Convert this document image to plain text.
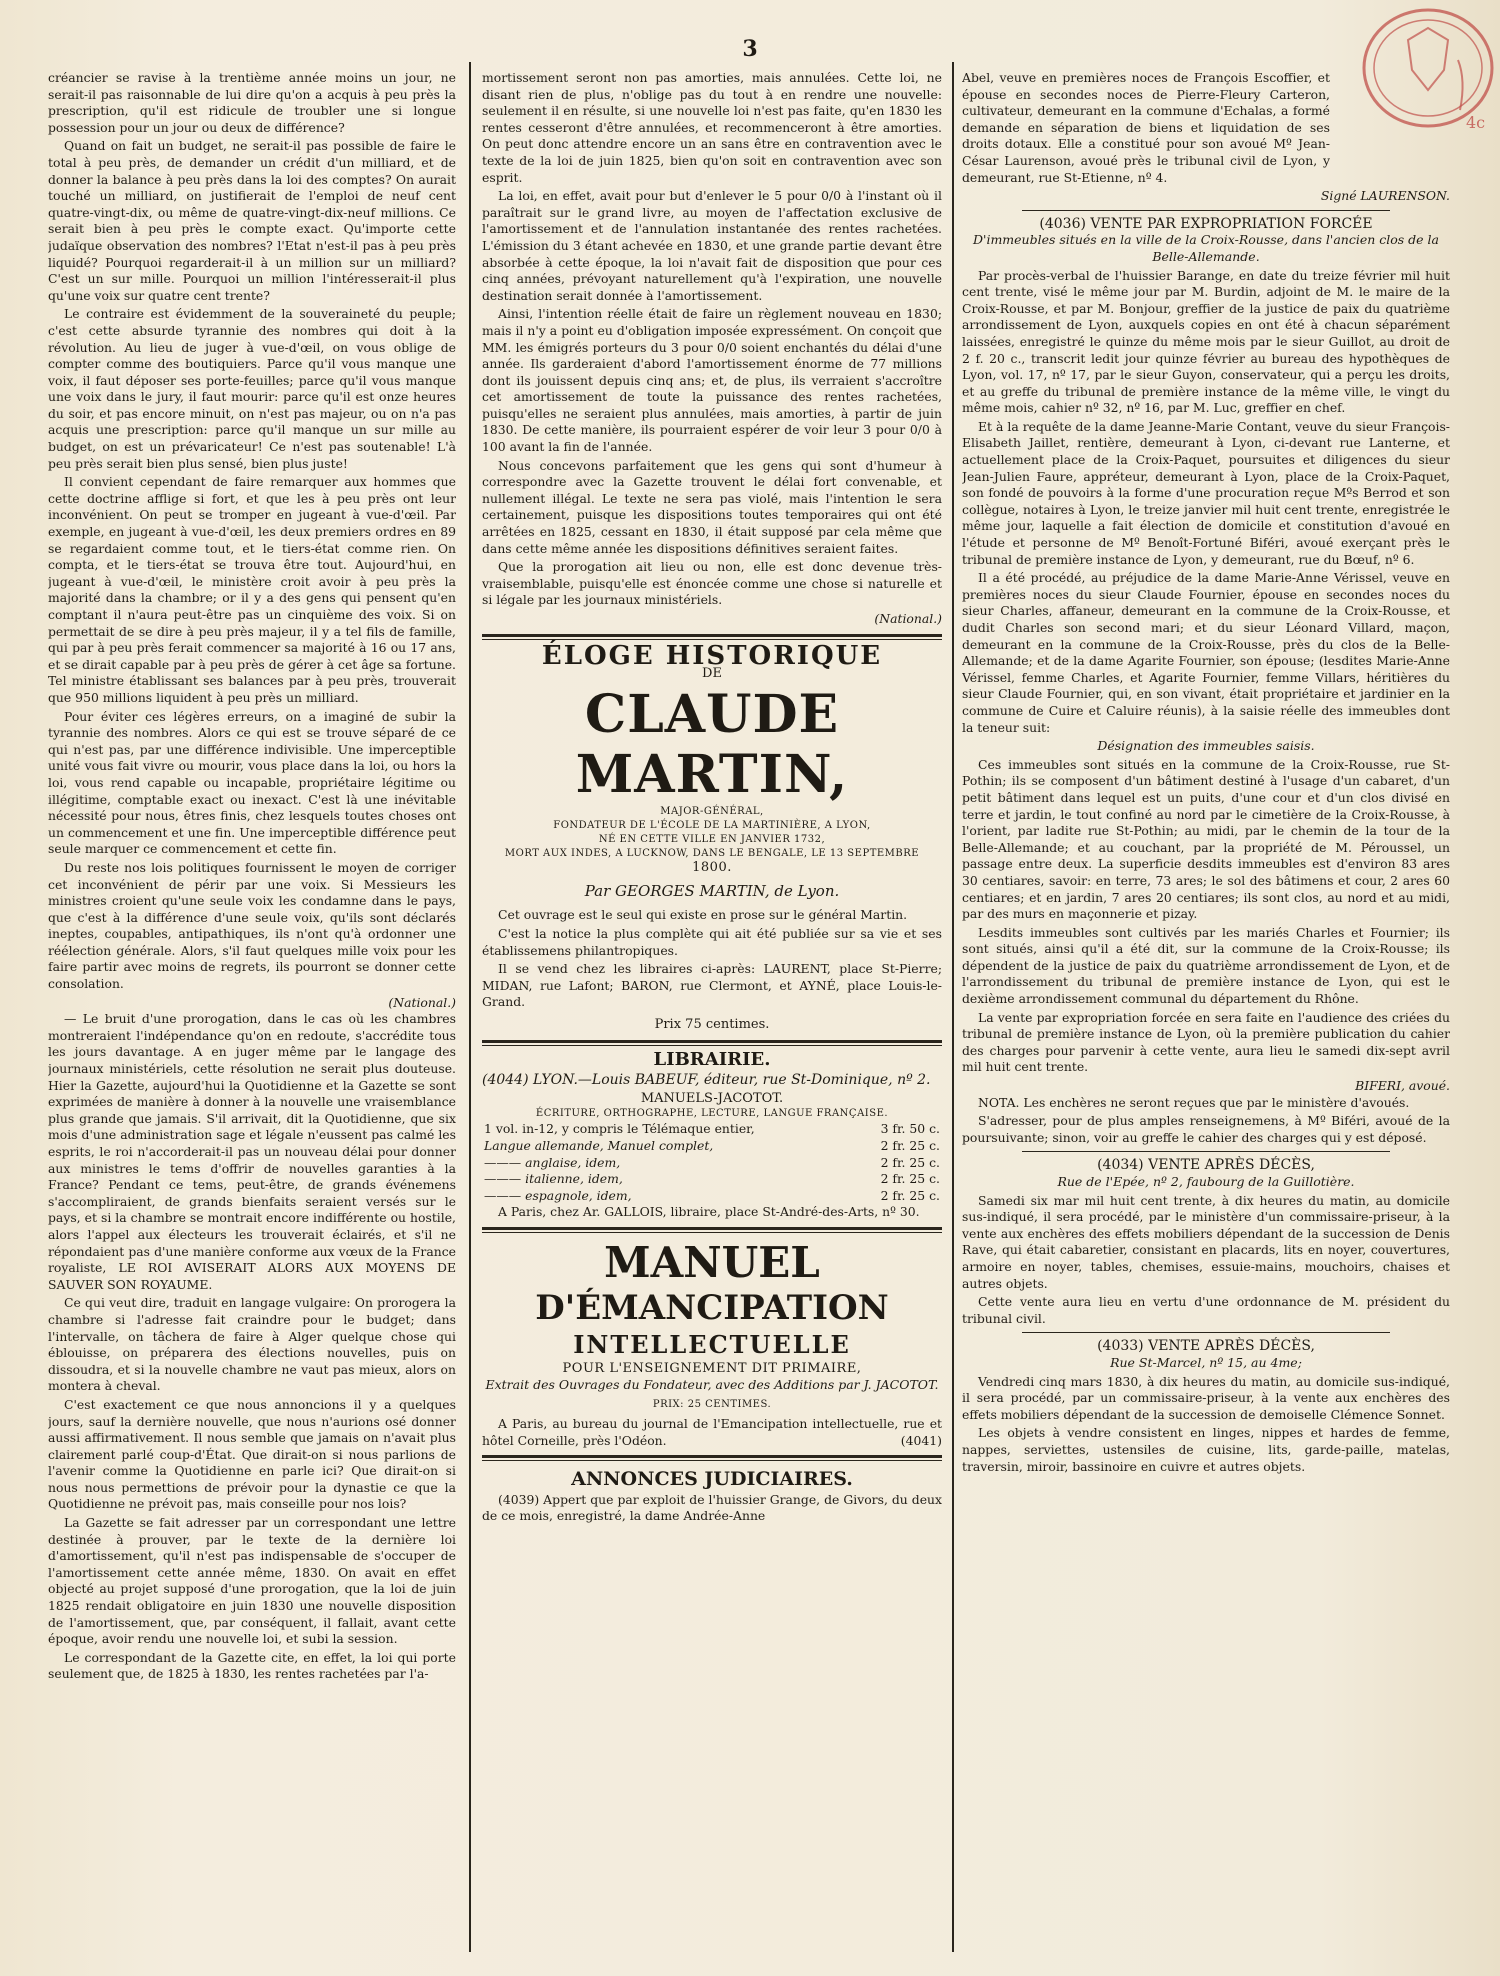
3
4c

créancier se ravise à la trentième année moins un jour, ne serait-il pas raisonnable de lui dire qu'on a acquis à peu près la prescription, qu'il est ridicule de troubler une si longue possession pour un jour ou deux de différence?

Quand on fait un budget, ne serait-il pas possible de faire le total à peu près, de demander un crédit d'un milliard, et de donner la balance à peu près dans la loi des comptes? On aurait touché un milliard, on justifierait de l'emploi de neuf cent quatre-vingt-dix, ou même de quatre-vingt-dix-neuf millions. Ce serait bien à peu près le compte exact. Qu'importe cette judaïque observation des nombres? l'Etat n'est-il pas à peu près liquidé? Pourquoi regarderait-il à un million sur un milliard? C'est un sur mille. Pourquoi un million l'intéresserait-il plus qu'une voix sur quatre cent trente?

Le contraire est évidemment de la souveraineté du peuple; c'est cette absurde tyrannie des nombres qui doit à la révolution. Au lieu de juger à vue-d'œil, on vous oblige de compter comme des boutiquiers. Parce qu'il vous manque une voix, il faut déposer ses porte-feuilles; parce qu'il vous manque une voix dans le jury, il faut mourir: parce qu'il est onze heures du soir, et pas encore minuit, on n'est pas majeur, ou on n'a pas acquis une prescription: parce qu'il manque un sur mille au budget, on est un prévaricateur! Ce n'est pas soutenable! L'à peu près serait bien plus sensé, bien plus juste!

Il convient cependant de faire remarquer aux hommes que cette doctrine afflige si fort, et que les à peu près ont leur inconvénient. On peut se tromper en jugeant à vue-d'œil. Par exemple, en jugeant à vue-d'œil, les deux premiers ordres en 89 se regardaient comme tout, et le tiers-état comme rien. On compta, et le tiers-état se trouva être tout. Aujourd'hui, en jugeant à vue-d'œil, le ministère croit avoir à peu près la majorité dans la chambre; or il y a des gens qui pensent qu'en comptant il n'aura peut-être pas un cinquième des voix. Si on permettait de se dire à peu près majeur, il y a tel fils de famille, qui par à peu près ferait commencer sa majorité à 16 ou 17 ans, et se dirait capable par à peu près de gérer à cet âge sa fortune. Tel ministre établissant ses balances par à peu près, trouverait que 950 millions liquident à peu près un milliard.

Pour éviter ces légères erreurs, on a imaginé de subir la tyrannie des nombres. Alors ce qui est se trouve séparé de ce qui n'est pas, par une différence indivisible. Une imperceptible unité vous fait vivre ou mourir, vous place dans la loi, ou hors la loi, vous rend capable ou incapable, propriétaire légitime ou illégitime, comptable exact ou inexact. C'est là une inévitable nécessité pour nous, êtres finis, chez lesquels toutes choses ont un commencement et une fin. Une imperceptible différence peut seule marquer ce commencement et cette fin.

Du reste nos lois politiques fournissent le moyen de corriger cet inconvénient de périr par une voix. Si Messieurs les ministres croient qu'une seule voix les condamne dans le pays, que c'est à la différence d'une seule voix, qu'ils sont déclarés ineptes, coupables, antipathiques, ils n'ont qu'à ordonner une réélection générale. Alors, s'il faut quelques mille voix pour les faire partir avec moins de regrets, ils pourront se donner cette consolation.

(National.)

— Le bruit d'une prorogation, dans le cas où les chambres montreraient l'indépendance qu'on en redoute, s'accrédite tous les jours davantage. A en juger même par le langage des journaux ministériels, cette résolution ne serait plus douteuse. Hier la Gazette, aujourd'hui la Quotidienne et la Gazette se sont exprimées de manière à donner à la nouvelle une vraisemblance plus grande que jamais. S'il arrivait, dit la Quotidienne, que six mois d'une administration sage et légale n'eussent pas calmé les esprits, le roi n'accorderait-il pas un nouveau délai pour donner aux ministres le tems d'offrir de nouvelles garanties à la France? Pendant ce tems, peut-être, de grands événemens s'accompliraient, de grands bienfaits seraient versés sur le pays, et si la chambre se montrait encore indifférente ou hostile, alors l'appel aux électeurs les trouverait éclairés, et s'il ne répondaient pas d'une manière conforme aux vœux de la France royaliste, LE ROI AVISERAIT ALORS AUX MOYENS DE SAUVER SON ROYAUME.

Ce qui veut dire, traduit en langage vulgaire: On prorogera la chambre si l'adresse fait craindre pour le budget; dans l'intervalle, on tâchera de faire à Alger quelque chose qui éblouisse, on préparera des élections nouvelles, puis on dissoudra, et si la nouvelle chambre ne vaut pas mieux, alors on montera à cheval.

C'est exactement ce que nous annoncions il y a quelques jours, sauf la dernière nouvelle, que nous n'aurions osé donner aussi affirmativement. Il nous semble que jamais on n'avait plus clairement parlé coup-d'État. Que dirait-on si nous parlions de l'avenir comme la Quotidienne en parle ici? Que dirait-on si nous nous permettions de prévoir pour la dynastie ce que la Quotidienne ne prévoit pas, mais conseille pour nos lois?

La Gazette se fait adresser par un correspondant une lettre destinée à prouver, par le texte de la dernière loi d'amortissement, qu'il n'est pas indispensable de s'occuper de l'amortissement cette année même, 1830. On avait en effet objecté au projet supposé d'une prorogation, que la loi de juin 1825 rendait obligatoire en juin 1830 une nouvelle disposition de l'amortissement, que, par conséquent, il fallait, avant cette époque, avoir rendu une nouvelle loi, et subi la session.

Le correspondant de la Gazette cite, en effet, la loi qui porte seulement que, de 1825 à 1830, les rentes rachetées par l'a-

mortissement seront non pas amorties, mais annulées. Cette loi, ne disant rien de plus, n'oblige pas du tout à en rendre une nouvelle: seulement il en résulte, si une nouvelle loi n'est pas faite, qu'en 1830 les rentes cesseront d'être annulées, et recommenceront à être amorties. On peut donc attendre encore un an sans être en contravention avec le texte de la loi de juin 1825, bien qu'on soit en contravention avec son esprit.

La loi, en effet, avait pour but d'enlever le 5 pour 0/0 à l'instant où il paraîtrait sur le grand livre, au moyen de l'affectation exclusive de l'amortissement et de l'annulation instantanée des rentes rachetées. L'émission du 3 étant achevée en 1830, et une grande partie devant être absorbée à cette époque, la loi n'avait fait de disposition que pour ces cinq années, prévoyant naturellement qu'à l'expiration, une nouvelle destination serait donnée à l'amortissement.

Ainsi, l'intention réelle était de faire un règlement nouveau en 1830; mais il n'y a point eu d'obligation imposée expressément. On conçoit que MM. les émigrés porteurs du 3 pour 0/0 soient enchantés du délai d'une année. Ils garderaient d'abord l'amortissement énorme de 77 millions dont ils jouissent depuis cinq ans; et, de plus, ils verraient s'accroître cet amortissement de toute la puissance des rentes rachetées, puisqu'elles ne seraient plus annulées, mais amorties, à partir de juin 1830. De cette manière, ils pourraient espérer de voir leur 3 pour 0/0 à 100 avant la fin de l'année.

Nous concevons parfaitement que les gens qui sont d'humeur à correspondre avec la Gazette trouvent le délai fort convenable, et nullement illégal. Le texte ne sera pas violé, mais l'intention le sera certainement, puisque les dispositions toutes temporaires qui ont été arrêtées en 1825, cessant en 1830, il était supposé par cela même que dans cette même année les dispositions définitives seraient faites.

Que la prorogation ait lieu ou non, elle est donc devenue très-vraisemblable, puisqu'elle est énoncée comme une chose si naturelle et si légale par les journaux ministériels.

(National.)
ÉLOGE HISTORIQUE
DE
CLAUDE MARTIN,
MAJOR-GÉNÉRAL,
FONDATEUR DE L'ÉCOLE DE LA MARTINIÈRE, A LYON,
NÉ EN CETTE VILLE EN JANVIER 1732,
MORT AUX INDES, A LUCKNOW, DANS LE BENGALE, LE 13 SEPTEMBRE
1800.
Par GEORGES MARTIN, de Lyon.

Cet ouvrage est le seul qui existe en prose sur le général Martin.

C'est la notice la plus complète qui ait été publiée sur sa vie et ses établissemens philantropiques.

Il se vend chez les libraires ci-après: LAURENT, place St-Pierre; MIDAN, rue Lafont; BARON, rue Clermont, et AYNÉ, place Louis-le-Grand.

Prix 75 centimes.
LIBRAIRIE.

(4044) LYON.—Louis BABEUF, éditeur, rue St-Dominique, nº 2.

MANUELS-JACOTOT.
ÉCRITURE, ORTHOGRAPHE, LECTURE, LANGUE FRANÇAISE.
1 vol. in-12, y compris le Télémaque entier,	3 fr. 50 c.
Langue allemande, Manuel complet,	2 fr. 25 c.
——— anglaise, idem,	2 fr. 25 c.
——— italienne, idem,	2 fr. 25 c.
——— espagnole, idem,	2 fr. 25 c.

A Paris, chez Ar. GALLOIS, libraire, place St-André-des-Arts, nº 30.

MANUEL
D'ÉMANCIPATION
INTELLECTUELLE
POUR L'ENSEIGNEMENT DIT PRIMAIRE,
Extrait des Ouvrages du Fondateur, avec des Additions par J. JACOTOT.
PRIX: 25 CENTIMES.

A Paris, au bureau du journal de l'Emancipation intellectuelle, rue et hôtel Corneille, près l'Odéon.	(4041)

ANNONCES JUDICIAIRES.

(4039) Appert que par exploit de l'huissier Grange, de Givors, du deux de ce mois, enregistré, la dame Andrée-Anne

Abel, veuve en premières noces de François Escoffier, et épouse en secondes noces de Pierre-Fleury Carteron, cultivateur, demeurant en la commune d'Echalas, a formé demande en séparation de biens et liquidation de ses droits dotaux. Elle a constitué pour son avoué Mº Jean-César Laurenson, avoué près le tribunal civil de Lyon, y demeurant, rue St-Etienne, nº 4.

Signé LAURENSON.
(4036) VENTE PAR EXPROPRIATION FORCÉE
D'immeubles situés en la ville de la Croix-Rousse, dans l'ancien clos de la Belle-Allemande.

Par procès-verbal de l'huissier Barange, en date du treize février mil huit cent trente, visé le même jour par M. Burdin, adjoint de M. le maire de la Croix-Rousse, et par M. Bonjour, greffier de la justice de paix du quatrième arrondissement de Lyon, auxquels copies en ont été à chacun séparément laissées, enregistré le quinze du même mois par le sieur Guillot, au droit de 2 f. 20 c., transcrit ledit jour quinze février au bureau des hypothèques de Lyon, vol. 17, nº 17, par le sieur Guyon, conservateur, qui a perçu les droits, et au greffe du tribunal de première instance de la même ville, le vingt du même mois, cahier nº 32, nº 16, par M. Luc, greffier en chef.

Et à la requête de la dame Jeanne-Marie Contant, veuve du sieur François-Elisabeth Jaillet, rentière, demeurant à Lyon, ci-devant rue Lanterne, et actuellement place de la Croix-Paquet, poursuites et diligences du sieur Jean-Julien Faure, appréteur, demeurant à Lyon, place de la Croix-Paquet, son fondé de pouvoirs à la forme d'une procuration reçue Mºs Berrod et son collègue, notaires à Lyon, le treize janvier mil huit cent trente, enregistrée le même jour, laquelle a fait élection de domicile et constitution d'avoué en l'étude et personne de Mº Benoît-Fortuné Biféri, avoué exerçant près le tribunal de première instance de Lyon, y demeurant, rue du Bœuf, nº 6.

Il a été procédé, au préjudice de la dame Marie-Anne Vérissel, veuve en premières noces du sieur Claude Fournier, épouse en secondes noces du sieur Charles, affaneur, demeurant en la commune de la Croix-Rousse, et dudit Charles son second mari; et du sieur Léonard Villard, maçon, demeurant en la commune de la Croix-Rousse, près du clos de la Belle-Allemande; et de la dame Agarite Fournier, son épouse; (lesdites Marie-Anne Vérissel, femme Charles, et Agarite Fournier, femme Villars, héritières du sieur Claude Fournier, qui, en son vivant, était propriétaire et jardinier en la commune de Cuire et Caluire réunis), à la saisie réelle des immeubles dont la teneur suit:

Désignation des immeubles saisis.

Ces immeubles sont situés en la commune de la Croix-Rousse, rue St-Pothin; ils se composent d'un bâtiment destiné à l'usage d'un cabaret, d'un petit bâtiment dans lequel est un puits, d'une cour et d'un clos divisé en terre et jardin, le tout confiné au nord par le cimetière de la Croix-Rousse, à l'orient, par ladite rue St-Pothin; au midi, par le chemin de la tour de la Belle-Allemande; et au couchant, par la propriété de M. Péroussel, un passage entre deux. La superficie desdits immeubles est d'environ 83 ares 30 centiares, savoir: en terre, 73 ares; le sol des bâtimens et cour, 2 ares 60 centiares; et en jardin, 7 ares 20 centiares; ils sont clos, au nord et au midi, par des murs en maçonnerie et pizay.

Lesdits immeubles sont cultivés par les mariés Charles et Fournier; ils sont situés, ainsi qu'il a été dit, sur la commune de la Croix-Rousse; ils dépendent de la justice de paix du quatrième arrondissement de Lyon, et de l'arrondissement du tribunal de première instance de Lyon, qui est le dexième arrondissement communal du département du Rhône.

La vente par expropriation forcée en sera faite en l'audience des criées du tribunal de première instance de Lyon, où la première publication du cahier des charges pour parvenir à cette vente, aura lieu le samedi dix-sept avril mil huit cent trente.

BIFERI, avoué.

NOTA. Les enchères ne seront reçues que par le ministère d'avoués.

S'adresser, pour de plus amples renseignemens, à Mº Biféri, avoué de la poursuivante; sinon, voir au greffe le cahier des charges qui y est déposé.

(4034) VENTE APRÈS DÉCÈS,
Rue de l'Epée, nº 2, faubourg de la Guillotière.

Samedi six mar mil huit cent trente, à dix heures du matin, au domicile sus-indiqué, il sera procédé, par le ministère d'un commissaire-priseur, à la vente aux enchères des effets mobiliers dépendant de la succession de Denis Rave, qui était cabaretier, consistant en placards, lits en noyer, couvertures, armoire en noyer, tables, chemises, essuie-mains, mouchoirs, chaises et autres objets.

Cette vente aura lieu en vertu d'une ordonnance de M. président du tribunal civil.

(4033) VENTE APRÈS DÉCÈS,
Rue St-Marcel, nº 15, au 4me;

Vendredi cinq mars 1830, à dix heures du matin, au domicile sus-indiqué, il sera procédé, par un commissaire-priseur, à la vente aux enchères des effets mobiliers dépendant de la succession de demoiselle Clémence Sonnet.

Les objets à vendre consistent en linges, nippes et hardes de femme, nappes, serviettes, ustensiles de cuisine, lits, garde-paille, matelas, traversin, miroir, bassinoire en cuivre et autres objets.
